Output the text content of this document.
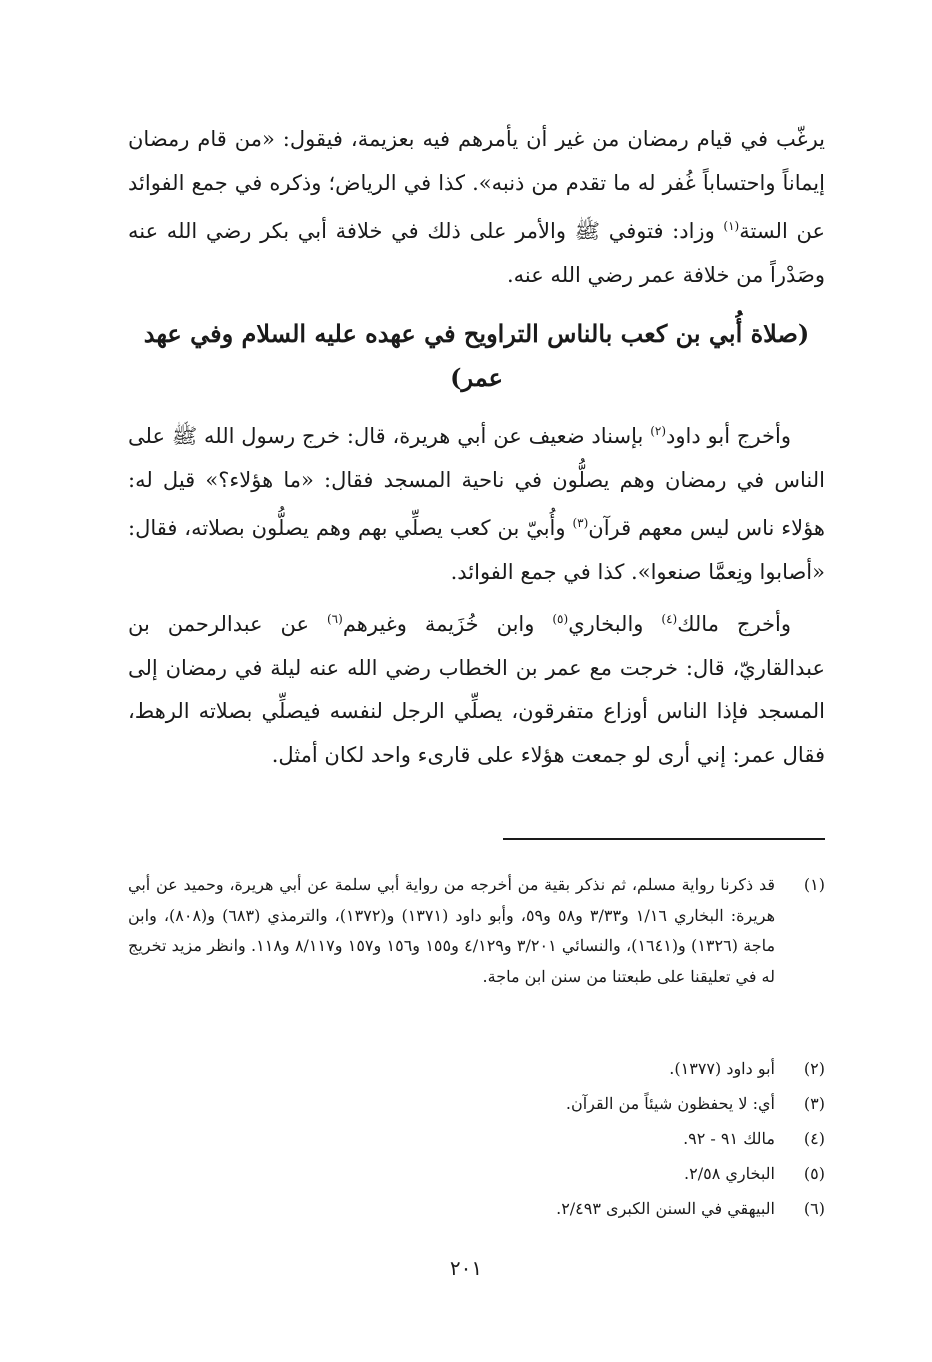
يرغّب في قيام رمضان من غير أن يأمرهم فيه بعزيمة، فيقول: «من قام رمضان إيماناً واحتساباً غُفر له ما تقدم من ذنبه». كذا في الرياض؛ وذكره في جمع الفوائد عن الستة$^{(١)}$ وزاد: فتوفي ﷺ والأمر على ذلك في خلافة أبي بكر رضي الله عنه وصَدْراً من خلافة عمر رضي الله عنه.

(صلاة أُبي بن كعب بالناس التراويح في عهده عليه السلام وفي عهد عمر)

وأخرج أبو داود$^{(٢)}$ بإسناد ضعيف عن أبي هريرة، قال: خرج رسول الله ﷺ على الناس في رمضان وهم يصلُّون في ناحية المسجد فقال: «ما هؤلاء؟» قيل له: هؤلاء ناس ليس معهم قرآن$^{(٣)}$ وأُبيّ بن كعب يصلِّي بهم وهم يصلُّون بصلاته، فقال: «أصابوا ونِعمَّا صنعوا». كذا في جمع الفوائد.

وأخرج مالك$^{(٤)}$ والبخاري$^{(٥)}$ وابن خُزَيمة وغيرهم$^{(٦)}$ عن عبدالرحمن بن عبدالقاريّ، قال: خرجت مع عمر بن الخطاب رضي الله عنه ليلة في رمضان إلى المسجد فإذا الناس أوزاع متفرقون، يصلِّي الرجل لنفسه فيصلِّي بصلاته الرهط، فقال عمر: إني أرى لو جمعت هؤلاء على قارىء واحد لكان أمثل.

(١)
قد ذكرنا رواية مسلم، ثم نذكر بقية من أخرجه من رواية أبي سلمة عن أبي هريرة، وحميد عن أبي هريرة: البخاري ١/١٦ و٣/٣٣ و٥٨ و٥٩، وأبو داود (١٣٧١) و(١٣٧٢)، والترمذي (٦٨٣) و(٨٠٨)، وابن ماجة (١٣٢٦) و(١٦٤١)، والنسائي ٣/٢٠١ و٤/١٢٩ و١٥٥ و١٥٦ و١٥٧ و٨/١١٧ و١١٨. وانظر مزيد تخريج له في تعليقنا على طبعتنا من سنن ابن ماجة.
(٢)
أبو داود (١٣٧٧).
(٣)
أي: لا يحفظون شيئاً من القرآن.
(٤)
مالك ٩١ - ٩٢.
(٥)
البخاري ٢/٥٨.
(٦)
البيهقي في السنن الكبرى ٢/٤٩٣.
٢٠١
